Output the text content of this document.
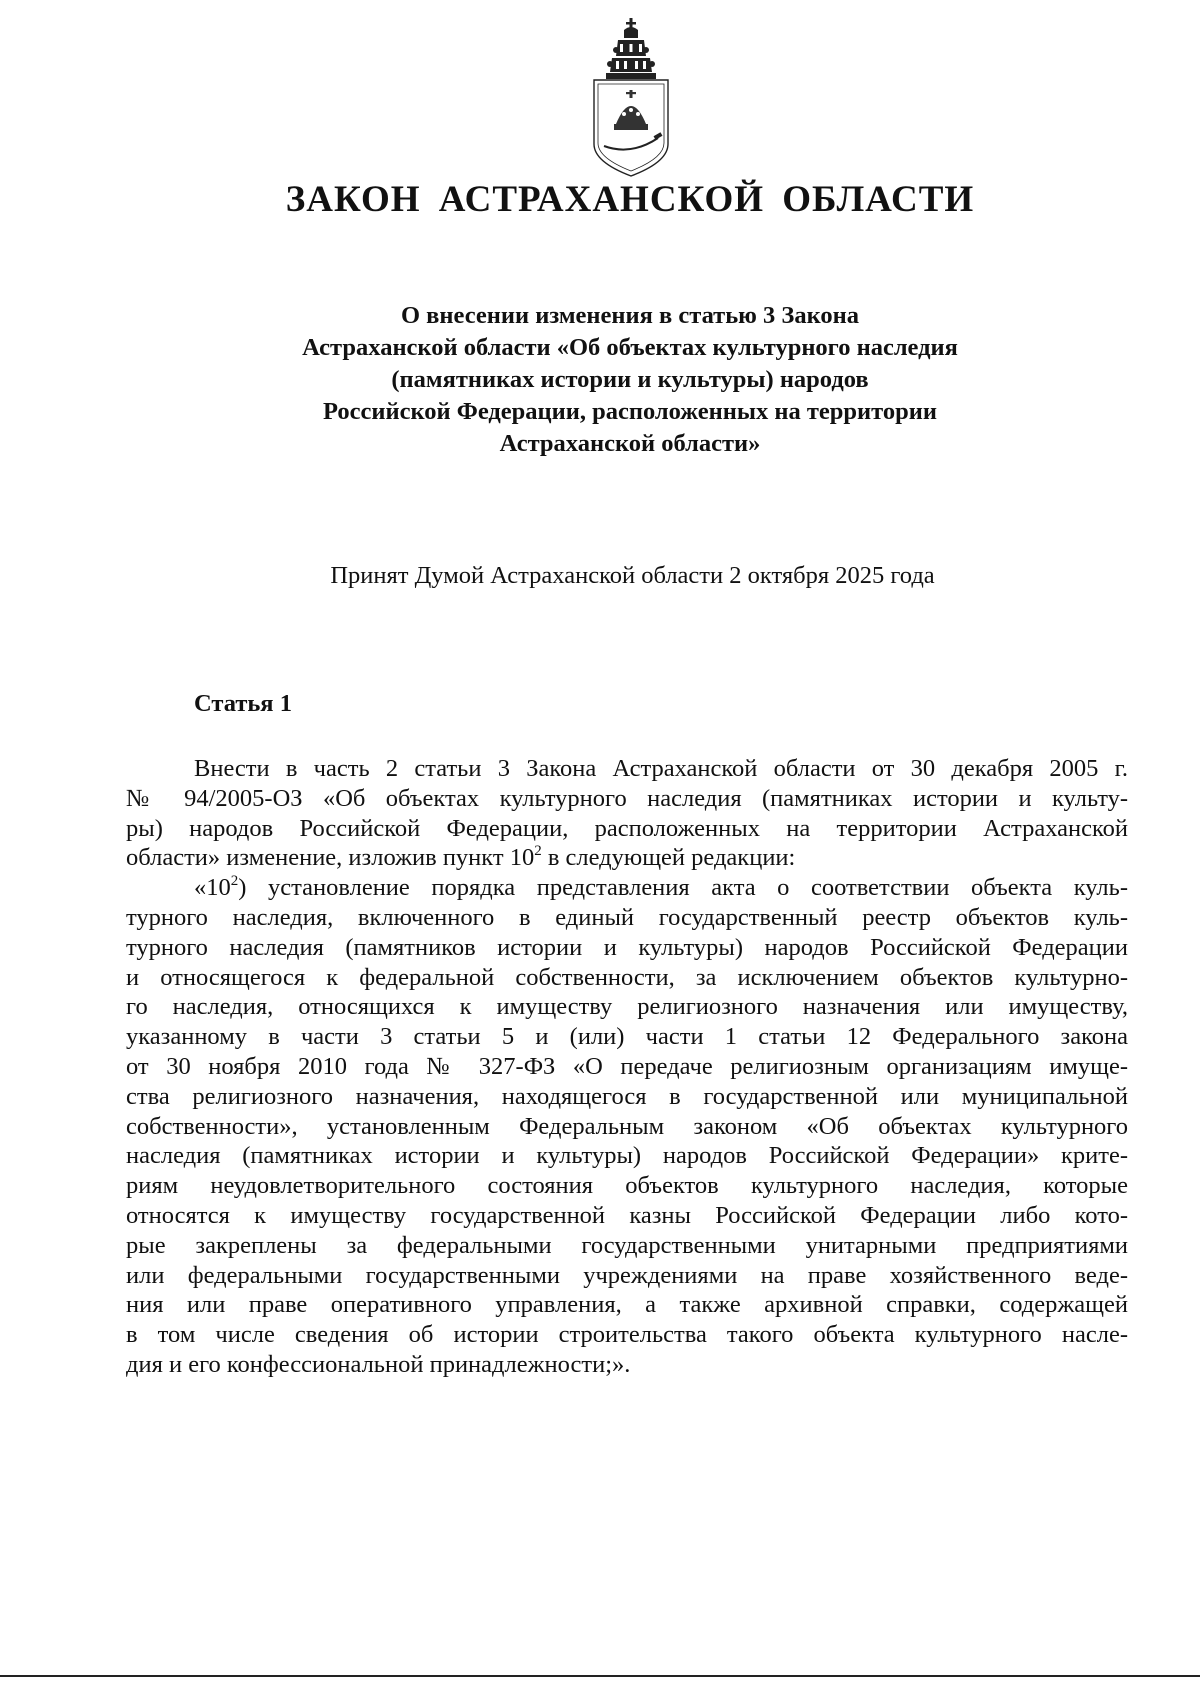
ЗАКОН АСТРАХАНСКОЙ ОБЛАСТИ
О внесении изменения в статью 3 Закона
Астраханской области «Об объектах культурного наследия
(памятниках истории и культуры) народов
Российской Федерации, расположенных на территории
Астраханской области»

Принят Думой Астраханской области 2 октября 2025 года

Статья 1
Внести в часть 2 статьи 3 Закона Астраханской области от 30 декабря 2005 г.
№ 94/2005-ОЗ «Об объектах культурного наследия (памятниках истории и культу-
ры) народов Российской Федерации, расположенных на территории Астраханской
области» изменение, изложив пункт $10^2$ в следующей редакции:
«$10^2$) установление порядка представления акта о соответствии объекта куль-
турного наследия, включенного в единый государственный реестр объектов куль-
турного наследия (памятников истории и культуры) народов Российской Федерации
и относящегося к федеральной собственности, за исключением объектов культурно-
го наследия, относящихся к имуществу религиозного назначения или имуществу,
указанному в части 3 статьи 5 и (или) части 1 статьи 12 Федерального закона
от 30 ноября 2010 года № 327-ФЗ «О передаче религиозным организациям имуще-
ства религиозного назначения, находящегося в государственной или муниципальной
собственности», установленным Федеральным законом «Об объектах культурного
наследия (памятниках истории и культуры) народов Российской Федерации» крите-
риям неудовлетворительного состояния объектов культурного наследия, которые
относятся к имуществу государственной казны Российской Федерации либо кото-
рые закреплены за федеральными государственными унитарными предприятиями
или федеральными государственными учреждениями на праве хозяйственного веде-
ния или праве оперативного управления, а также архивной справки, содержащей
в том числе сведения об истории строительства такого объекта культурного насле-
дия и его конфессиональной принадлежности;».
